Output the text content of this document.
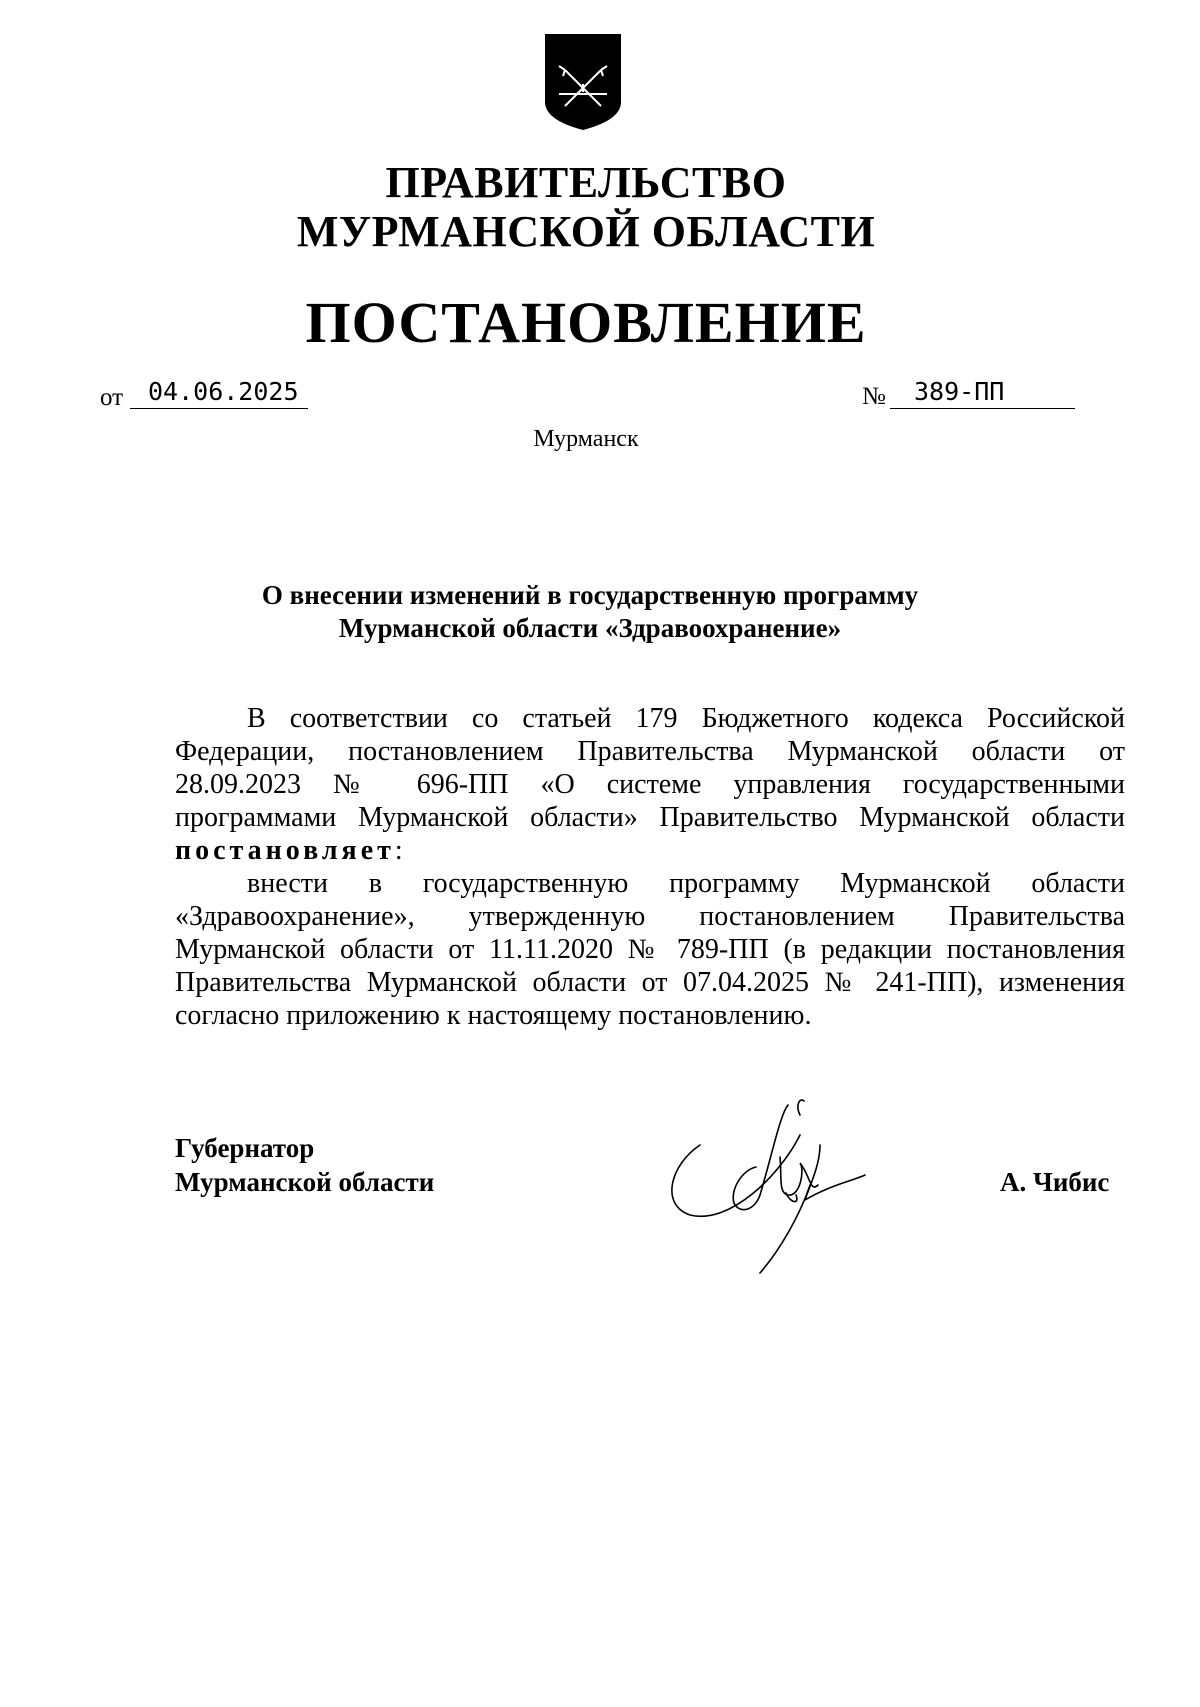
ПРАВИТЕЛЬСТВО
МУРМАНСКОЙ ОБЛАСТИ
ПОСТАНОВЛЕНИЕ
от 04.06.2025	№	389-ПП
Мурманск
О внесении изменений в государственную программу
Мурманской области «Здравоохранение»
В соответствии со статьей 179 Бюджетного кодекса Российской
Федерации, постановлением Правительства Мурманской области от
28.09.2023 № 696-ПП «О системе управления государственными
программами Мурманской области» Правительство Мурманской области
постановляет:
внести в государственную программу Мурманской области
«Здравоохранение», утвержденную постановлением Правительства
Мурманской области от 11.11.2020 № 789-ПП (в редакции постановления
Правительства Мурманской области от 07.04.2025 № 241-ПП), изменения
согласно приложению к настоящему постановлению.
Губернатор
Мурманской области	А. Чибис
